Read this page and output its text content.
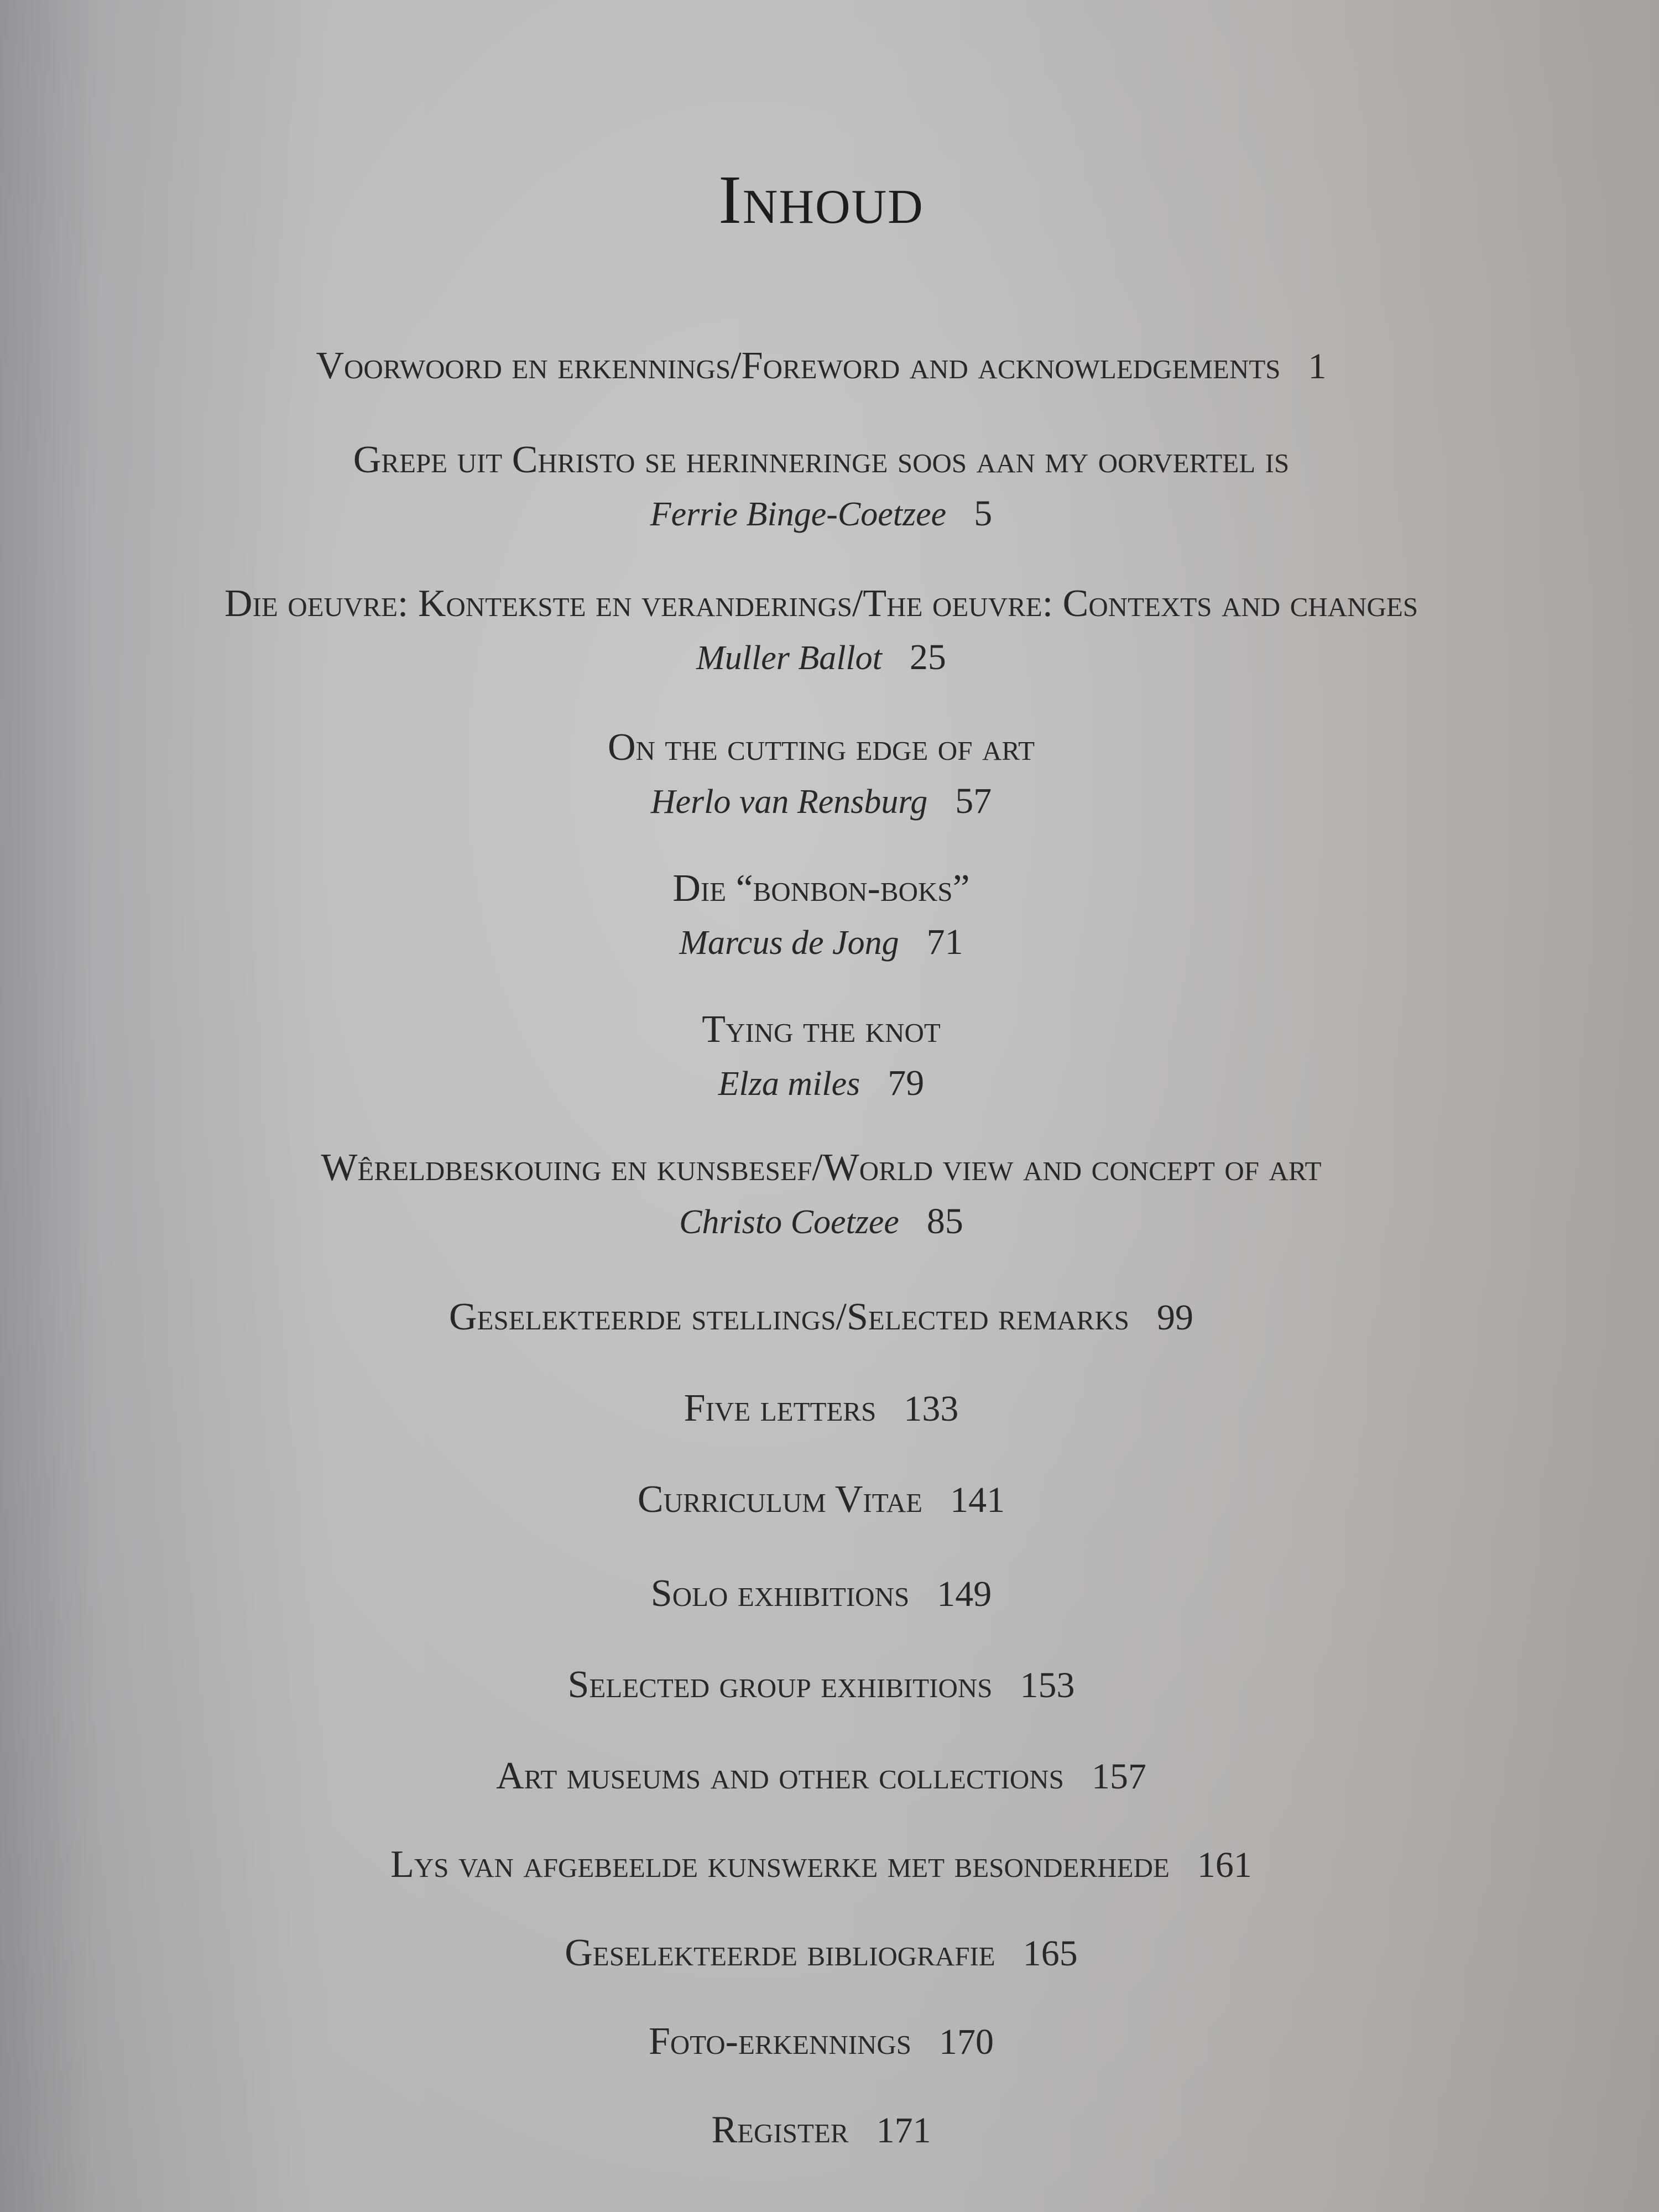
Inhoud
Voorwoord en erkennings/Foreword and acknowledgements 1
Grepe uit Christo se herinneringe soos aan my oorvertel is
Ferrie Binge-Coetzee 5
Die oeuvre: Kontekste en veranderings/The oeuvre: Contexts and changes
Muller Ballot 25
On the cutting edge of art
Herlo van Rensburg 57
Die “bonbon-boks”
Marcus de Jong 71
Tying the knot
Elza miles 79
Wêreldbeskouing en kunsbesef/World view and concept of art
Christo Coetzee 85
Geselekteerde stellings/Selected remarks 99
Five letters 133
Curriculum Vitae 141
Solo exhibitions 149
Selected group exhibitions 153
Art museums and other collections 157
Lys van afgebeelde kunswerke met besonderhede 161
Geselekteerde bibliografie 165
Foto-erkennings 170
Register 171
